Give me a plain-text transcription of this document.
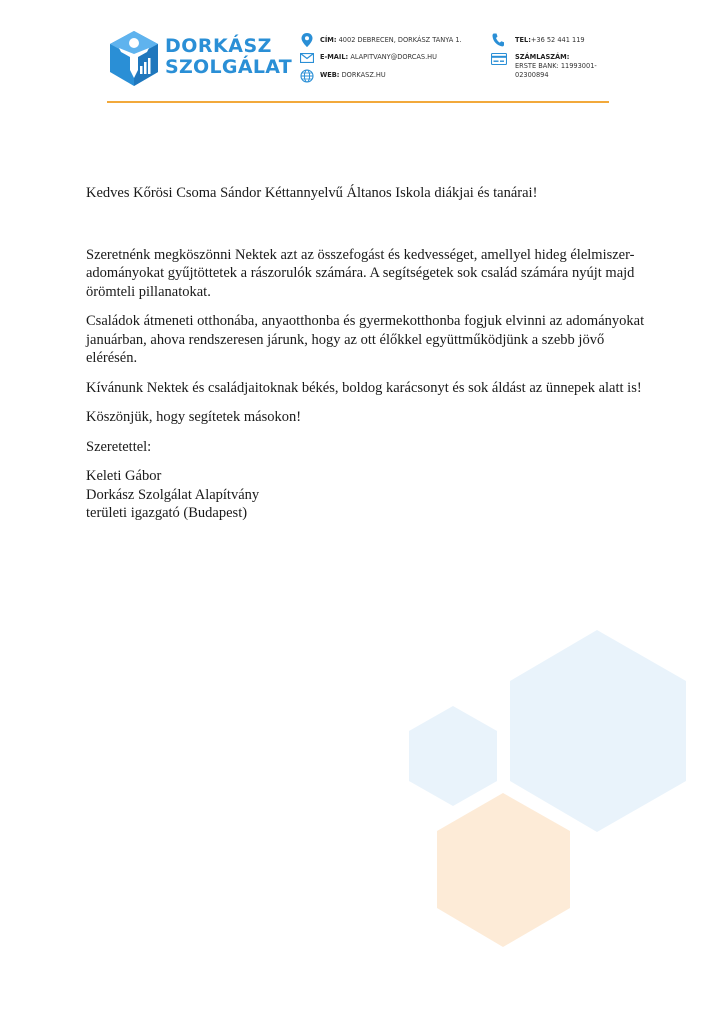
DORKÁSZ
SZOLGÁLAT
CÍM: 4002 DEBRECEN, DORKÁSZ TANYA 1.
E-MAIL: ALAPITVANY@DORCAS.HU
WEB: DORKASZ.HU
TEL:+36 52 441 119
SZÁMLASZÁM:
ERSTE BANK: 11993001-
02300894

Kedves Kőrösi Csoma Sándor Kéttannyelvű Áltanos Iskola diákjai és tanárai!

Szeretnénk megköszönni Nektek azt az összefogást és kedvességet, amellyel hideg élelmiszer-adományokat gyűjtöttetek a rászorulók számára. A segítségetek sok család számára nyújt majd örömteli pillanatokat.

Családok átmeneti otthonába, anyaotthonba és gyermekotthonba fogjuk elvinni az adományokat januárban, ahova rendszeresen járunk, hogy az ott élőkkel együttműködjünk a szebb jövő elérésén.

Kívánunk Nektek és családjaitoknak békés, boldog karácsonyt és sok áldást az ünnepek alatt is!

Köszönjük, hogy segítetek másokon!

Szeretettel:

Keleti Gábor
Dorkász Szolgálat Alapítvány
területi igazgató (Budapest)
